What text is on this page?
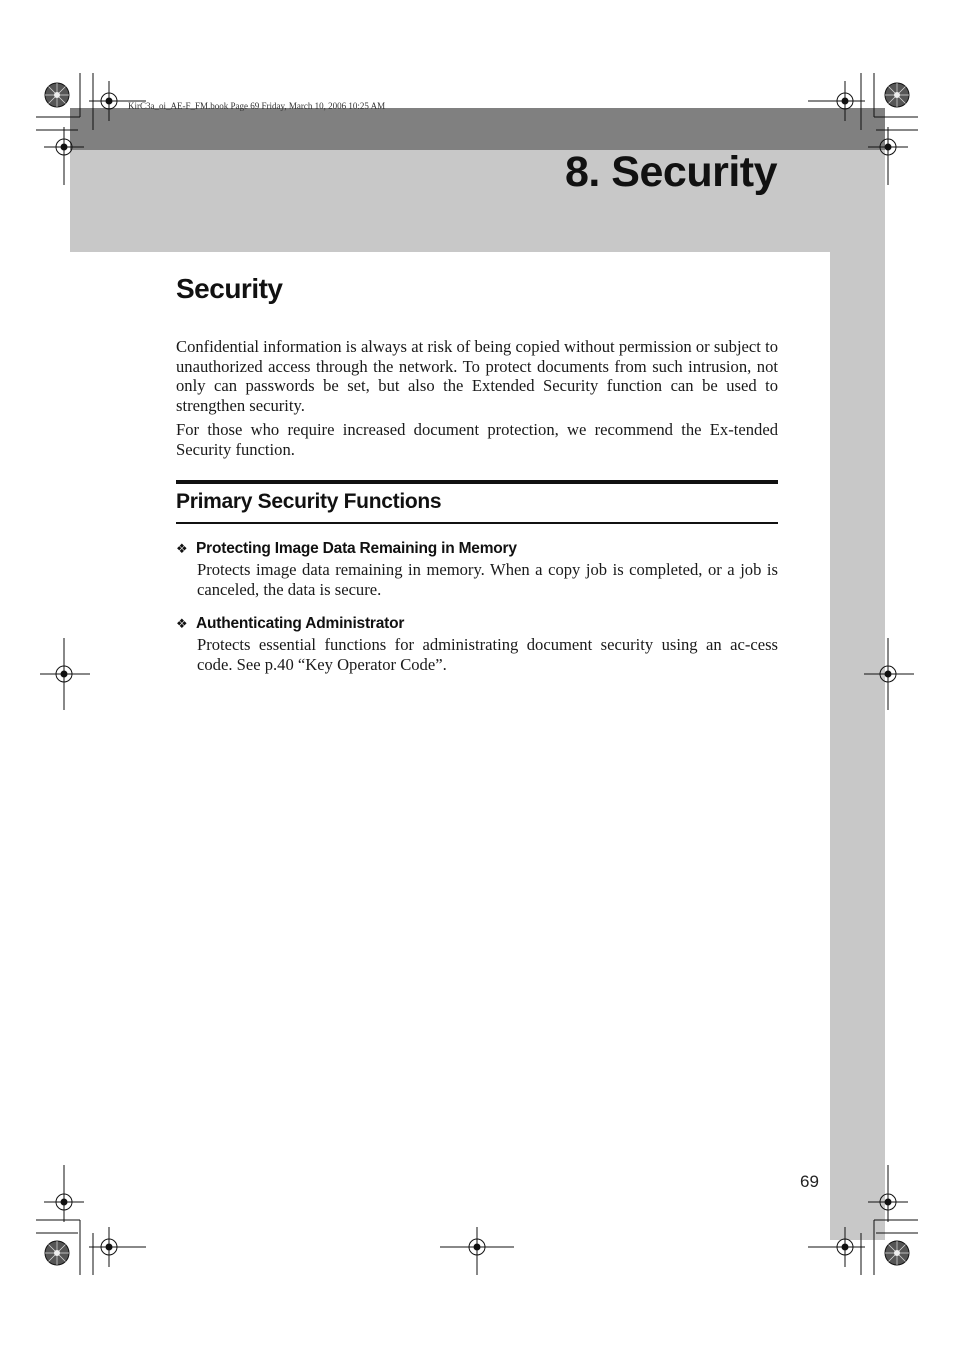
KirC3a_oi_AE-F_FM.book Page 69 Friday, March 10, 2006 10:25 AM
8. Security
Security
Confidential information is always at risk of being copied without permission or subject to unauthorized access through the network. To protect documents from such intrusion, not only can passwords be set, but also the Extended Security function can be used to strengthen security.
For those who require increased document protection, we recommend the Ex-tended Security function.
Primary Security Functions
❖ Protecting Image Data Remaining in Memory
Protects image data remaining in memory. When a copy job is completed, or a job is canceled, the data is secure.
❖ Authenticating Administrator
Protects essential functions for administrating document security using an ac-cess code. See p.40 “Key Operator Code”.
69
